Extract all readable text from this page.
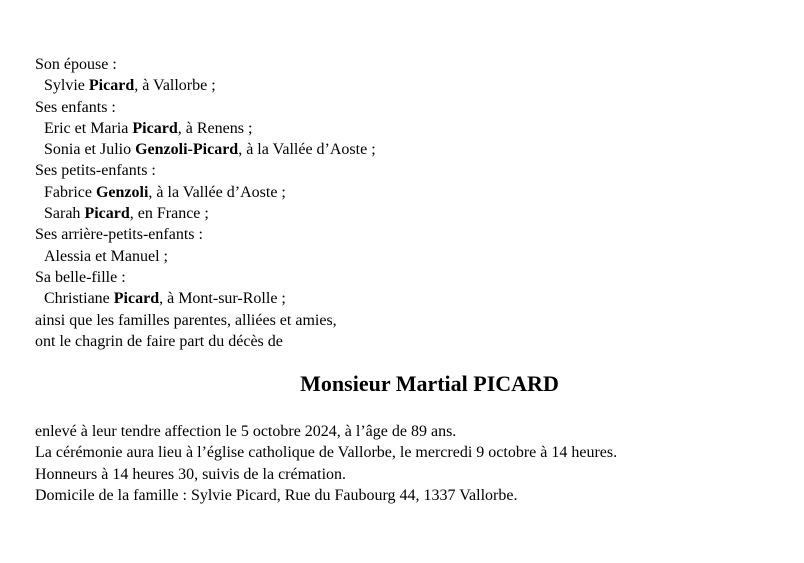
Son épouse :
Sylvie Picard, à Vallorbe ;
Ses enfants :
Eric et Maria Picard, à Renens ;
Sonia et Julio Genzoli-Picard, à la Vallée d’Aoste ;
Ses petits-enfants :
Fabrice Genzoli, à la Vallée d’Aoste ;
Sarah Picard, en France ;
Ses arrière-petits-enfants :
Alessia et Manuel ;
Sa belle-fille :
Christiane Picard, à Mont-sur-Rolle ;
ainsi que les familles parentes, alliées et amies,
ont le chagrin de faire part du décès de
Monsieur Martial PICARD
enlevé à leur tendre affection le 5 octobre 2024, à l’âge de 89 ans.
La cérémonie aura lieu à l’église catholique de Vallorbe, le mercredi 9 octobre à 14 heures.
Honneurs à 14 heures 30, suivis de la crémation.
Domicile de la famille : Sylvie Picard, Rue du Faubourg 44, 1337 Vallorbe.
